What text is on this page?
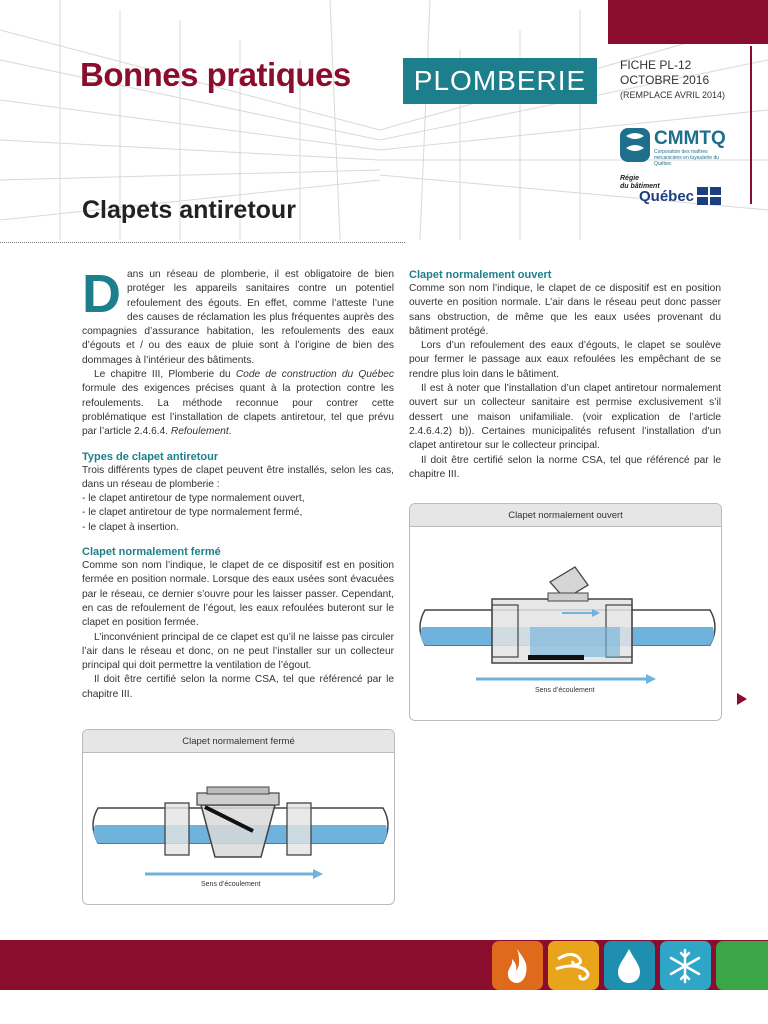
Bonnes pratiques	PLOMBERIE	FICHE PL-12
OCTOBRE 2016
(REMPLACE AVRIL 2014)
CMMTQ
Corporation des maîtres mécaniciens en tuyauterie du Québec
Régie
du bâtiment
Québec
Clapets antiretour

D ans un réseau de plomberie, il est obligatoire de bien protéger les appareils sanitaires contre un potentiel refoulement des égouts. En effet, comme l’atteste l’une des causes de réclamation les plus fréquentes auprès des compagnies d’assurance habitation, les refoulements des eaux d’égouts et / ou des eaux de pluie sont à l’origine de bien des dommages à l’intérieur des bâtiments.

Le chapitre III, Plomberie du Code de construction du Québec formule des exigences précises quant à la protection contre les refoulements. La méthode reconnue pour contrer cette problématique est l’installation de clapets antiretour, tel que prévu par l’article 2.4.6.4. Refoulement.

Types de clapet antiretour

Trois différents types de clapet peuvent être installés, selon les cas, dans un réseau de plomberie :

- le clapet antiretour de type normalement ouvert,
- le clapet antiretour de type normalement fermé,
- le clapet à insertion.
Clapet normalement fermé

Comme son nom l’indique, le clapet de ce dispositif est en position fermée en position normale. Lorsque des eaux usées sont évacuées par le réseau, ce dernier s’ouvre pour les laisser passer. Cependant, en cas de refoulement de l’égout, les eaux refoulées buteront sur le clapet en position fermée.

L’inconvénient principal de ce clapet est qu’il ne laisse pas circuler l’air dans le réseau et donc, on ne peut l’installer sur un collecteur principal qui doit permettre la ventilation de l’égout.

Il doit être certifié selon la norme CSA, tel que référencé par le chapitre III.

Clapet normalement ouvert

Comme son nom l’indique, le clapet de ce dispositif est en position ouverte en position normale. L’air dans le réseau peut donc passer sans obstruction, de même que les eaux usées provenant du bâtiment protégé.

Lors d’un refoulement des eaux d’égouts, le clapet se soulève pour fermer le passage aux eaux refoulées les empêchant de se rendre plus loin dans le bâtiment.

Il est à noter que l’installation d’un clapet antiretour normalement ouvert sur un collecteur sanitaire est permise exclusivement s’il dessert une maison unifamiliale. (voir explication de l’article 2.4.6.4.2) b)). Certaines municipalités refusent l’installation d’un clapet antiretour sur le collecteur principal.

Il doit être certifié selon la norme CSA, tel que référencé par le chapitre III.

Clapet normalement ouvert
Sens d’écoulement
Clapet normalement fermé
Sens d’écoulement
